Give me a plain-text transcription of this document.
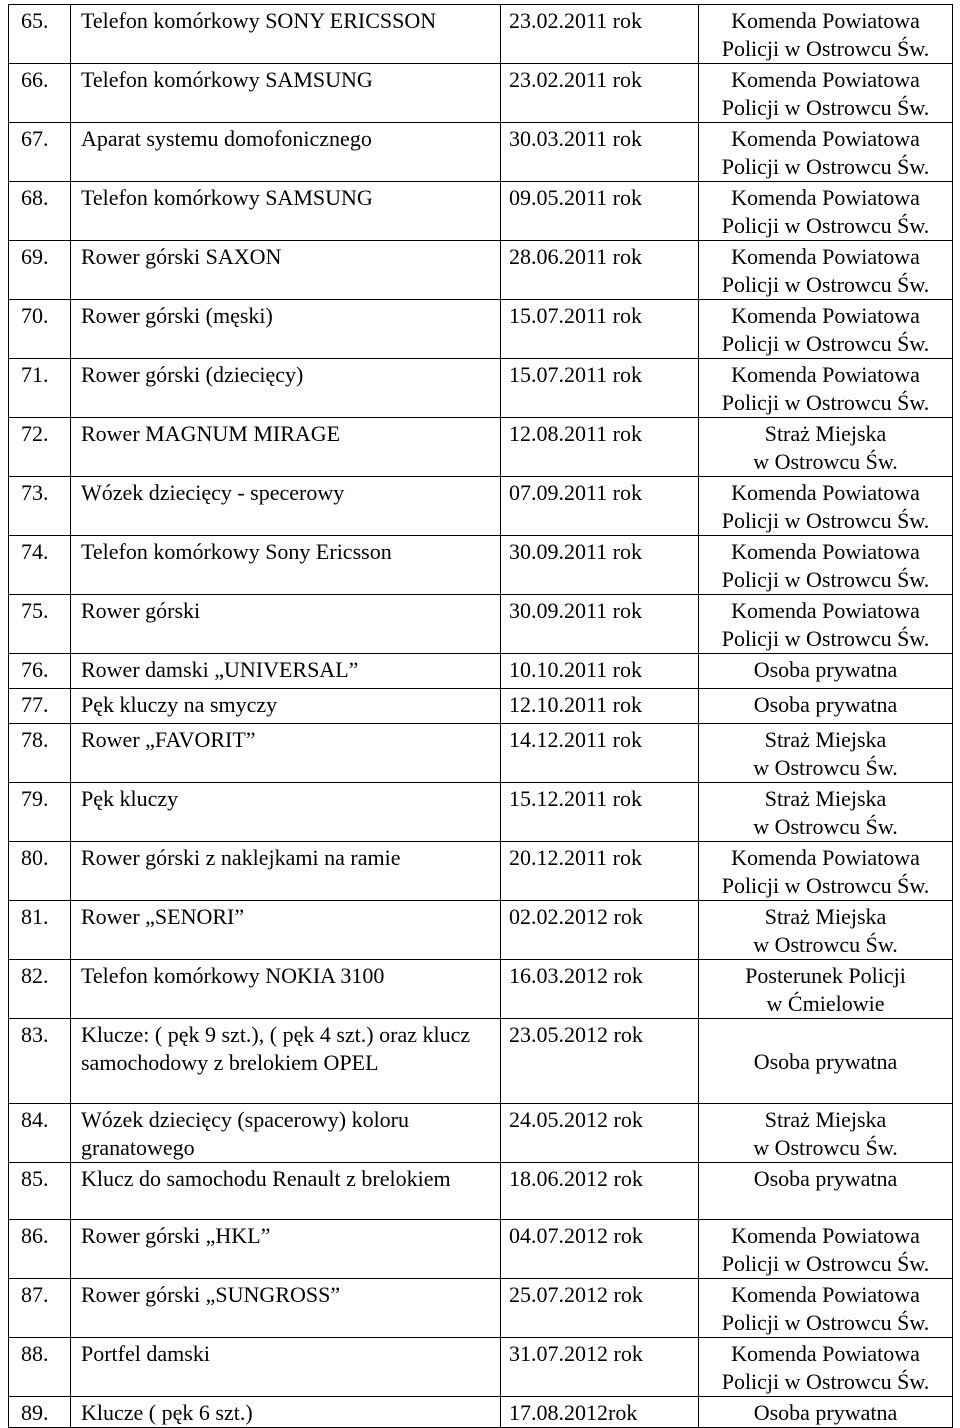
65.	Telefon komórkowy SONY ERICSSON	23.02.2011 rok	Komenda Powiatowa
Policji w Ostrowcu Św.

66.	Telefon komórkowy SAMSUNG	23.02.2011 rok	Komenda Powiatowa
Policji w Ostrowcu Św.

67.	Aparat systemu domofonicznego	30.03.2011 rok	Komenda Powiatowa
Policji w Ostrowcu Św.

68.	Telefon komórkowy SAMSUNG	09.05.2011 rok	Komenda Powiatowa
Policji w Ostrowcu Św.

69.	Rower górski SAXON	28.06.2011 rok	Komenda Powiatowa
Policji w Ostrowcu Św.

70.	Rower górski (męski)	15.07.2011 rok	Komenda Powiatowa
Policji w Ostrowcu Św.

71.	Rower górski (dziecięcy)	15.07.2011 rok	Komenda Powiatowa
Policji w Ostrowcu Św.

72.	Rower MAGNUM MIRAGE	12.08.2011 rok	Straż Miejska
w Ostrowcu Św.

73.	Wózek dziecięcy - specerowy	07.09.2011 rok	Komenda Powiatowa
Policji w Ostrowcu Św.

74.	Telefon komórkowy Sony Ericsson	30.09.2011 rok	Komenda Powiatowa
Policji w Ostrowcu Św.

75.	Rower górski	30.09.2011 rok	Komenda Powiatowa
Policji w Ostrowcu Św.

76.	Rower damski „UNIVERSAL”	10.10.2011 rok	Osoba prywatna

77.	Pęk kluczy na smyczy	12.10.2011 rok	Osoba prywatna

78.	Rower „FAVORIT”	14.12.2011 rok	Straż Miejska
w Ostrowcu Św.

79.	Pęk kluczy	15.12.2011 rok	Straż Miejska
w Ostrowcu Św.

80.	Rower górski z naklejkami na ramie	20.12.2011 rok	Komenda Powiatowa
Policji w Ostrowcu Św.

81.	Rower „SENORI”	02.02.2012 rok	Straż Miejska
w Ostrowcu Św.

82.	Telefon komórkowy NOKIA 3100	16.03.2012 rok	Posterunek Policji
w Ćmielowie

83.	Klucze: ( pęk 9 szt.), ( pęk 4 szt.) oraz klucz samochodowy z brelokiem OPEL	23.05.2012 rok	Osoba prywatna

84.	Wózek dziecięcy (spacerowy) koloru granatowego	24.05.2012 rok	Straż Miejska
w Ostrowcu Św.

85.	Klucz do samochodu Renault z brelokiem	18.06.2012 rok	Osoba prywatna

86.	Rower górski „HKL”	04.07.2012 rok	Komenda Powiatowa
Policji w Ostrowcu Św.

87.	Rower górski „SUNGROSS”	25.07.2012 rok	Komenda Powiatowa
Policji w Ostrowcu Św.

88.	Portfel damski	31.07.2012 rok	Komenda Powiatowa
Policji w Ostrowcu Św.

89.	Klucze ( pęk 6 szt.)	17.08.2012rok	Osoba prywatna
